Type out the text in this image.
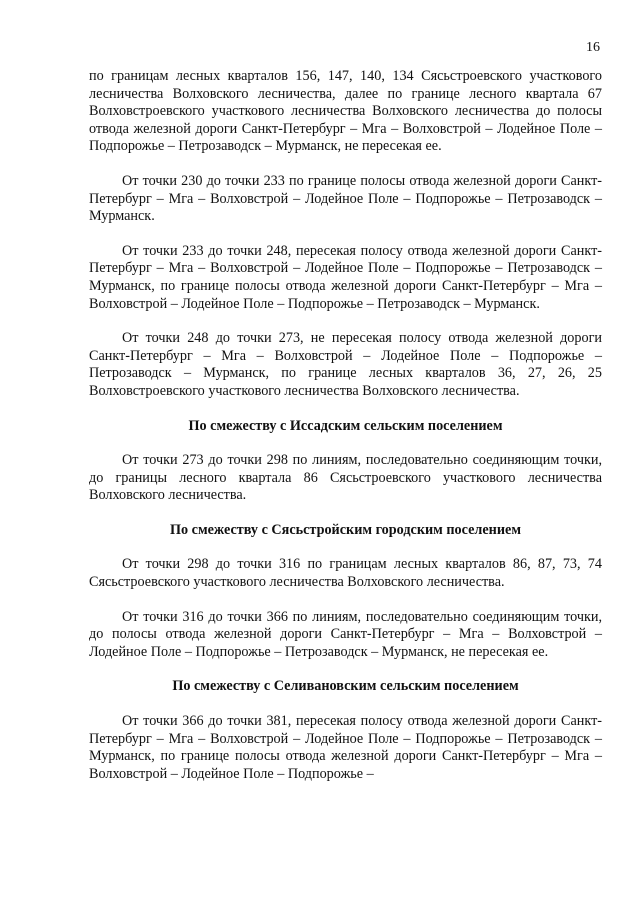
16

по границам лесных кварталов 156, 147, 140, 134 Сясьстроевского участкового лесничества Волховского лесничества, далее по границе лесного квартала 67 Волховстроевского участкового лесничества Волховского лесничества до полосы отвода железной дороги Санкт-Петербург – Мга – Волховстрой – Лодейное Поле – Подпорожье – Петрозаводск – Мурманск, не пересекая ее.

От точки 230 до точки 233 по границе полосы отвода железной дороги Санкт-Петербург – Мга – Волховстрой – Лодейное Поле – Подпорожье – Петрозаводск – Мурманск.

От точки 233 до точки 248, пересекая полосу отвода железной дороги Санкт-Петербург – Мга – Волховстрой – Лодейное Поле – Подпорожье – Петрозаводск – Мурманск, по границе полосы отвода железной дороги Санкт-Петербург – Мга – Волховстрой – Лодейное Поле – Подпорожье – Петрозаводск – Мурманск.

От точки 248 до точки 273, не пересекая полосу отвода железной дороги Санкт-Петербург – Мга – Волховстрой – Лодейное Поле – Подпорожье – Петрозаводск – Мурманск, по границе лесных кварталов 36, 27, 26, 25 Волховстроевского участкового лесничества Волховского лесничества.

По смежеству с Иссадским сельским поселением

От точки 273 до точки 298 по линиям, последовательно соединяющим точки, до границы лесного квартала 86 Сясьстроевского участкового лесничества Волховского лесничества.

По смежеству с Сясьстройским городским поселением

От точки 298 до точки 316 по границам лесных кварталов 86, 87, 73, 74 Сясьстроевского участкового лесничества Волховского лесничества.

От точки 316 до точки 366 по линиям, последовательно соединяющим точки, до полосы отвода железной дороги Санкт-Петербург – Мга – Волховстрой – Лодейное Поле – Подпорожье – Петрозаводск – Мурманск, не пересекая ее.

По смежеству с Селивановским сельским поселением

От точки 366 до точки 381, пересекая полосу отвода железной дороги Санкт-Петербург – Мга – Волховстрой – Лодейное Поле – Подпорожье – Петрозаводск – Мурманск, по границе полосы отвода железной дороги Санкт-Петербург – Мга – Волховстрой – Лодейное Поле – Подпорожье –
